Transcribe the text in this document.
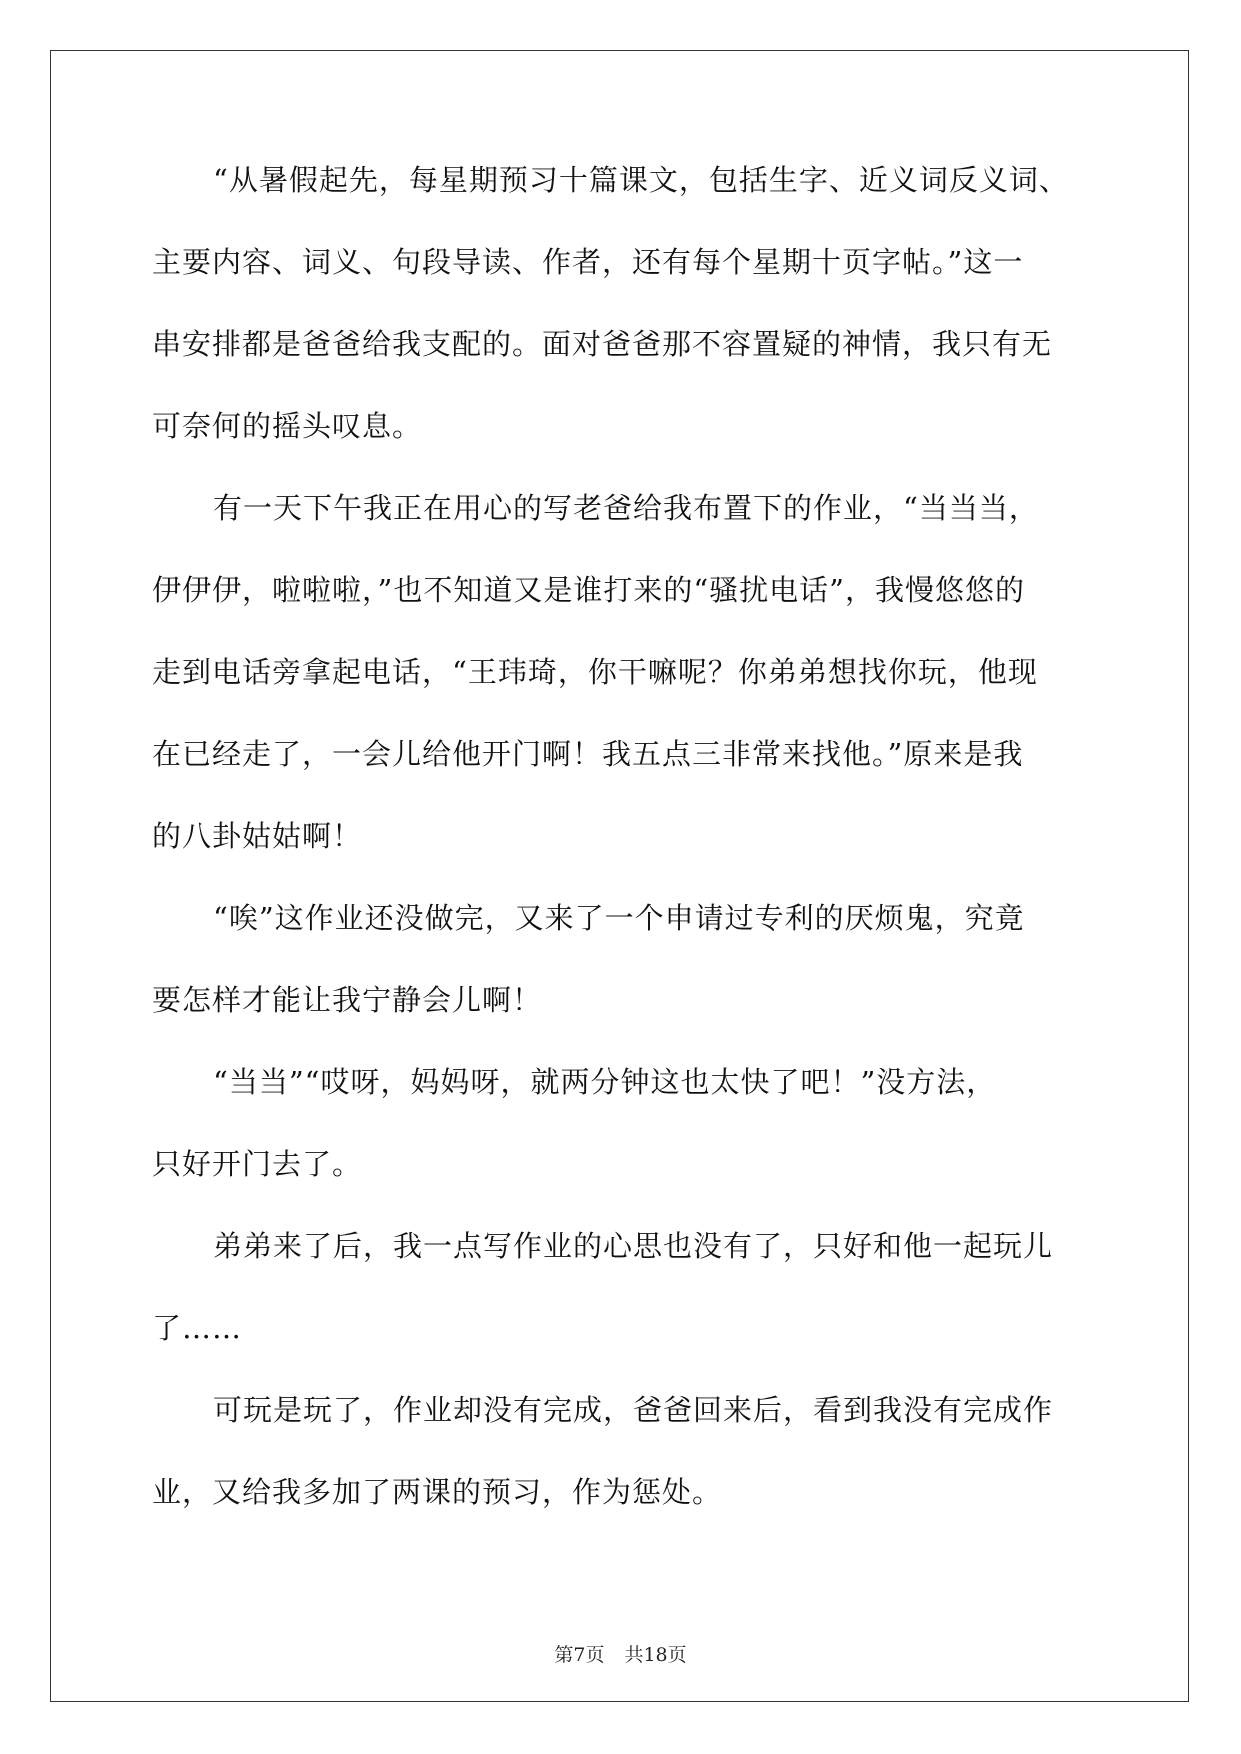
“从暑假起先，每星期预习十篇课文，包括生字、近义词反义词、
主要内容、词义、句段导读、作者，还有每个星期十页字帖。”这一
串安排都是爸爸给我支配的。面对爸爸那不容置疑的神情，我只有无
可奈何的摇头叹息。
有一天下午我正在用心的写老爸给我布置下的作业，“当当当，
伊伊伊，啦啦啦，”也不知道又是谁打来的“骚扰电话”，我慢悠悠的
走到电话旁拿起电话，“王玮琦，你干嘛呢？你弟弟想找你玩，他现
在已经走了，一会儿给他开门啊！我五点三非常来找他。”原来是我
的八卦姑姑啊！
“唉”这作业还没做完，又来了一个申请过专利的厌烦鬼，究竟
要怎样才能让我宁静会儿啊！
“当当”“哎呀，妈妈呀，就两分钟这也太快了吧！”没方法，
只好开门去了。
弟弟来了后，我一点写作业的心思也没有了，只好和他一起玩儿
了……
可玩是玩了，作业却没有完成，爸爸回来后，看到我没有完成作
业，又给我多加了两课的预习，作为惩处。
第7页 共18页
